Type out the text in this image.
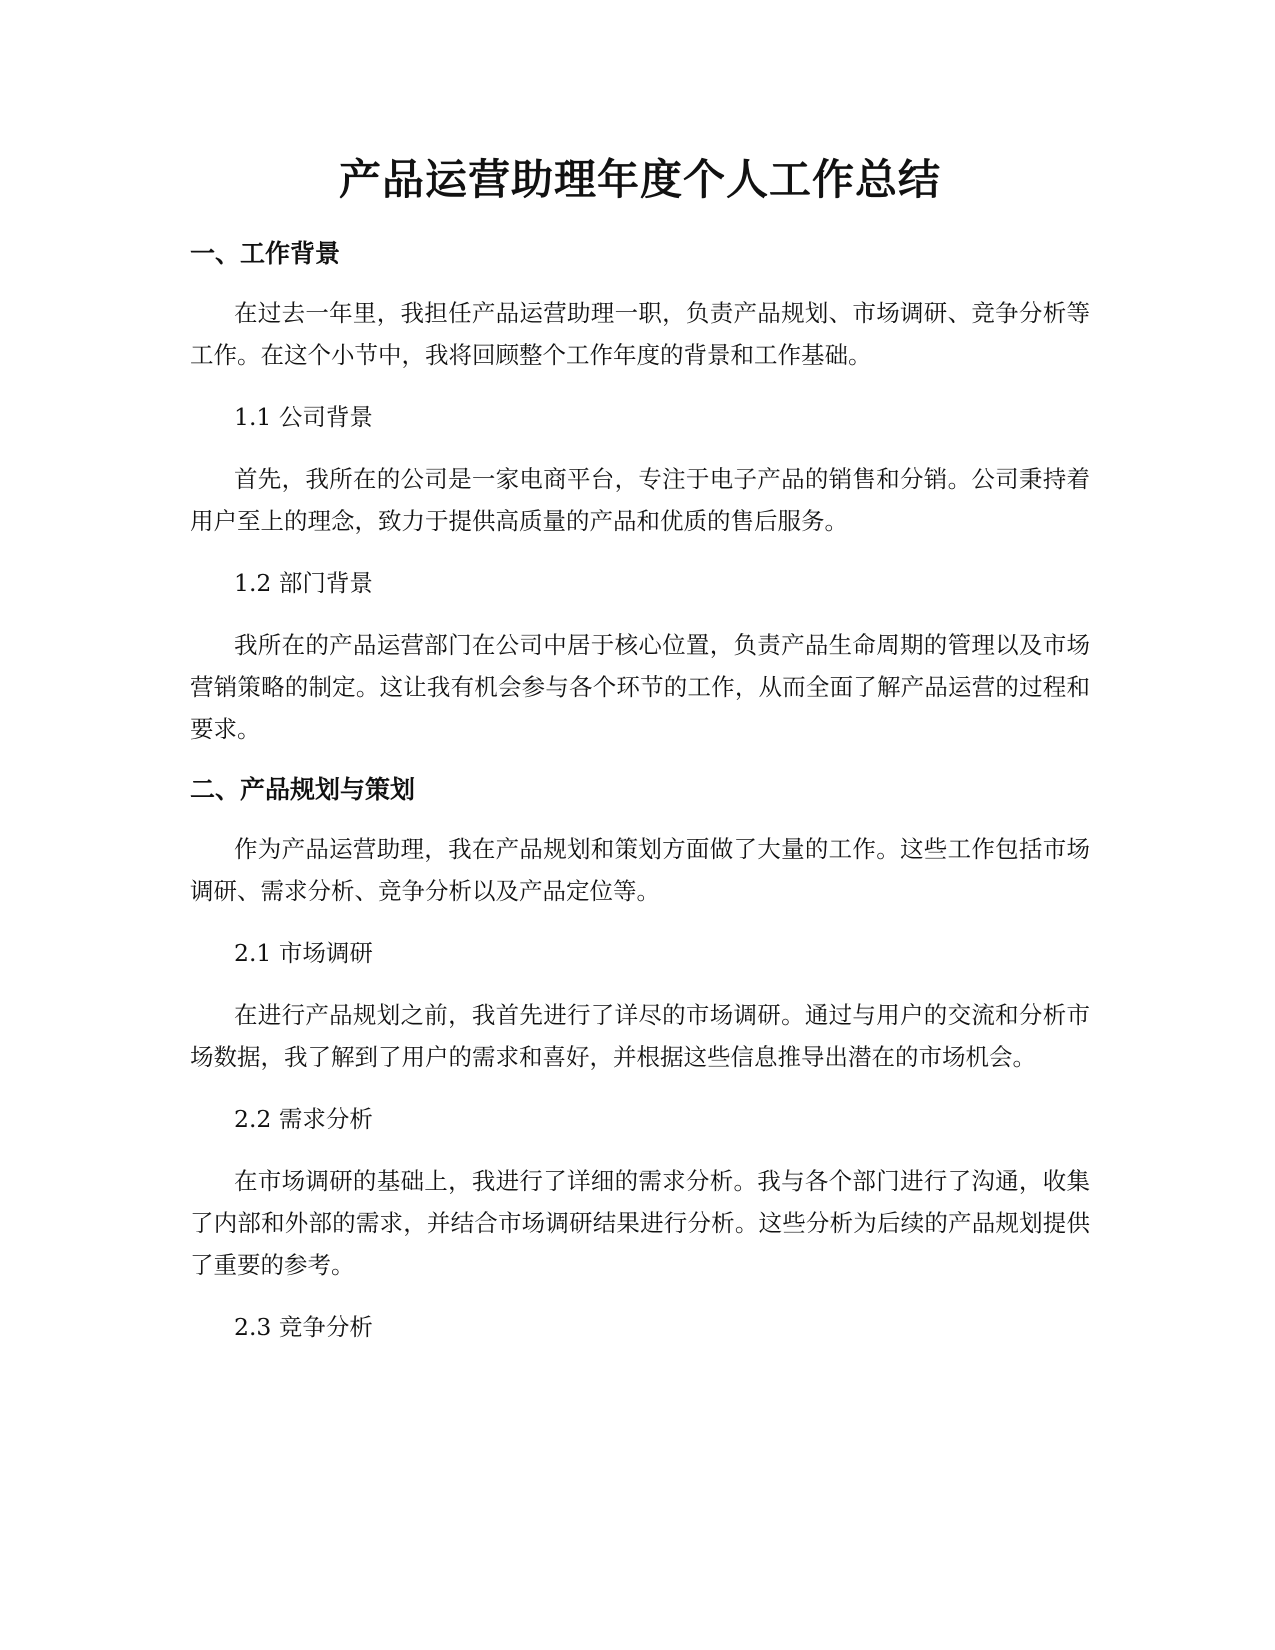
产品运营助理年度个人工作总结
一、工作背景

在过去一年里，我担任产品运营助理一职，负责产品规划、市场调研、竞争分析等工作。在这个小节中，我将回顾整个工作年度的背景和工作基础。

1.1 公司背景

首先，我所在的公司是一家电商平台，专注于电子产品的销售和分销。公司秉持着用户至上的理念，致力于提供高质量的产品和优质的售后服务。

1.2 部门背景

我所在的产品运营部门在公司中居于核心位置，负责产品生命周期的管理以及市场营销策略的制定。这让我有机会参与各个环节的工作，从而全面了解产品运营的过程和要求。

二、产品规划与策划

作为产品运营助理，我在产品规划和策划方面做了大量的工作。这些工作包括市场调研、需求分析、竞争分析以及产品定位等。

2.1 市场调研

在进行产品规划之前，我首先进行了详尽的市场调研。通过与用户的交流和分析市场数据，我了解到了用户的需求和喜好，并根据这些信息推导出潜在的市场机会。

2.2 需求分析

在市场调研的基础上，我进行了详细的需求分析。我与各个部门进行了沟通，收集了内部和外部的需求，并结合市场调研结果进行分析。这些分析为后续的产品规划提供了重要的参考。

2.3 竞争分析
